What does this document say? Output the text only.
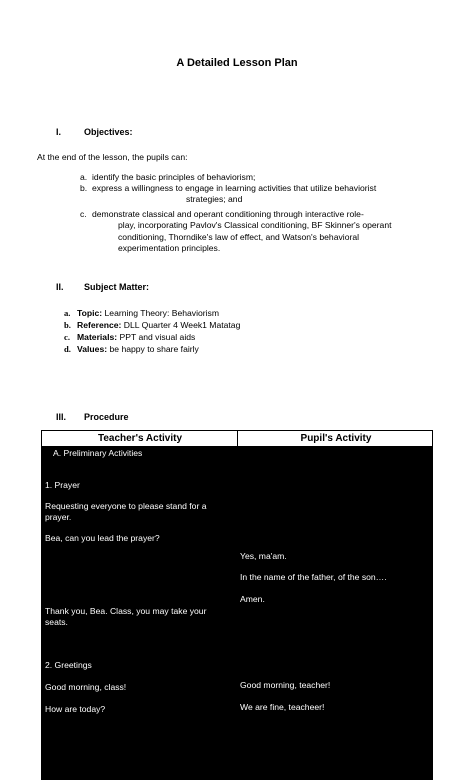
A Detailed Lesson Plan
I.	Objectives:
At the end of the lesson, the pupils can:
a. identify the basic principles of behaviorism;
b. express a willingness to engage in learning activities that utilize behaviorist
strategies; and
c. demonstrate classical and operant conditioning through interactive role-
play, incorporating Pavlov's Classical conditioning, BF Skinner's operant conditioning, Thorndike's law of effect, and Watson's behavioral experimentation principles.
II. Subject Matter:
a. Topic: Learning Theory: Behaviorism
b. Reference: DLL Quarter 4 Week1 Matatag
c. Materials: PPT and visual aids
d. Values: be happy to share fairly
III. Procedure
Teacher's Activity	Pupil's Activity
A. Preliminary Activities
1. Prayer
Requesting everyone to please stand for a prayer.
Bea, can you lead the prayer?
Thank you, Bea. Class, you may take your seats.
2. Greetings
Good morning, class!
How are today?
Yes, ma'am.
In the name of the father, of the son….
Amen.
Good morning, teacher!
We are fine, teacheer!
